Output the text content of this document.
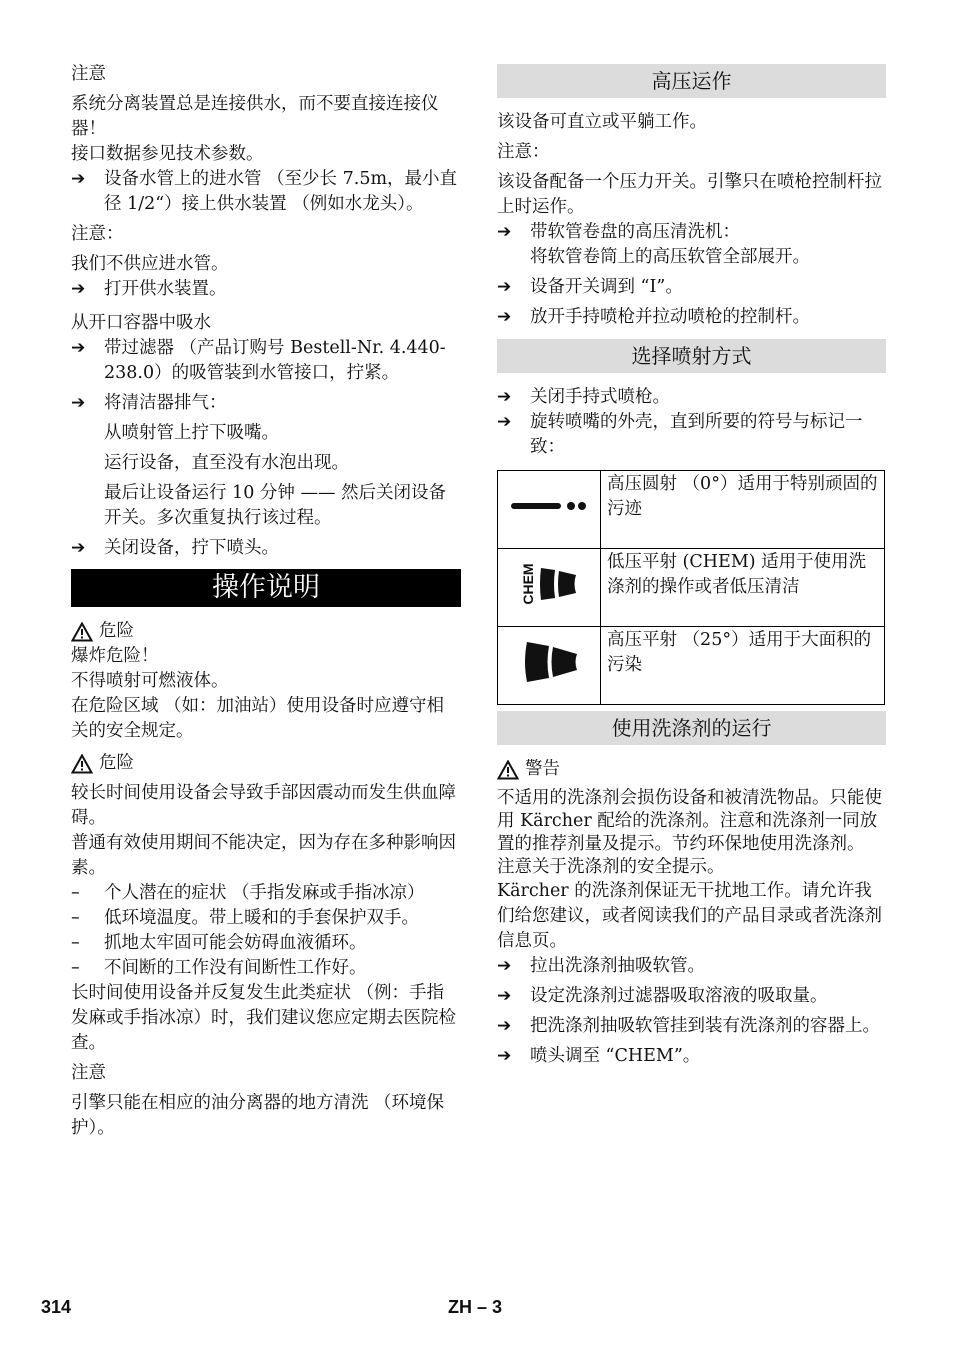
注意

系统分离装置总是连接供水，而不要直接连接仪器！

接口数据参见技术参数。

➔	设备水管上的进水管 （至少长 7.5m，最小直径 1/2“）接上供水装置 （例如水龙头）。

注意：

我们不供应进水管。

➔	打开供水装置。

从开口容器中吸水

➔	带过滤器 （产品订购号 Bestell-Nr. 4.440-238.0）的吸管装到水管接口，拧紧。
➔	将清洁器排气：

从喷射管上拧下吸嘴。

运行设备，直至没有水泡出现。

最后让设备运行 10 分钟 —— 然后关闭设备开关。多次重复执行该过程。

➔	关闭设备，拧下喷头。
操作说明
危险

爆炸危险！

不得喷射可燃液体。

在危险区域 （如：加油站）使用设备时应遵守相关的安全规定。

危险

较长时间使用设备会导致手部因震动而发生供血障碍。

普通有效使用期间不能决定，因为存在多种影响因素。

–	个人潜在的症状 （手指发麻或手指冰凉）
–	低环境温度。带上暖和的手套保护双手。
–	抓地太牢固可能会妨碍血液循环。
–	不间断的工作没有间断性工作好。

长时间使用设备并反复发生此类症状 （例：手指发麻或手指冰凉）时，我们建议您应定期去医院检查。

注意

引擎只能在相应的油分离器的地方清洗 （环境保护）。

高压运作

该设备可直立或平躺工作。

注意：

该设备配备一个压力开关。引擎只在喷枪控制杆拉上时运作。

➔	带软管卷盘的高压清洗机：

将软管卷筒上的高压软管全部展开。

➔	设备开关调到 “I”。
➔	放开手持喷枪并拉动喷枪的控制杆。
选择喷射方式
➔	关闭手持式喷枪。
➔	旋转喷嘴的外壳，直到所要的符号与标记一致：
	高压圆射 （0°）适用于特别顽固的污迹

CHEM	低压平射 (CHEM) 适用于使用洗涤剂的操作或者低压清洁
	高压平射 （25°）适用于大面积的污染
使用洗涤剂的运行
警告

不适用的洗涤剂会损伤设备和被清洗物品。只能使用 Kärcher 配给的洗涤剂。注意和洗涤剂一同放置的推荐剂量及提示。节约环保地使用洗涤剂。

注意关于洗涤剂的安全提示。

Kärcher 的洗涤剂保证无干扰地工作。请允许我们给您建议，或者阅读我们的产品目录或者洗涤剂信息页。

➔	拉出洗涤剂抽吸软管。
➔	设定洗涤剂过滤器吸取溶液的吸取量。
➔	把洗涤剂抽吸软管挂到装有洗涤剂的容器上。
➔	喷头调至 “CHEM”。
314	ZH – 3
